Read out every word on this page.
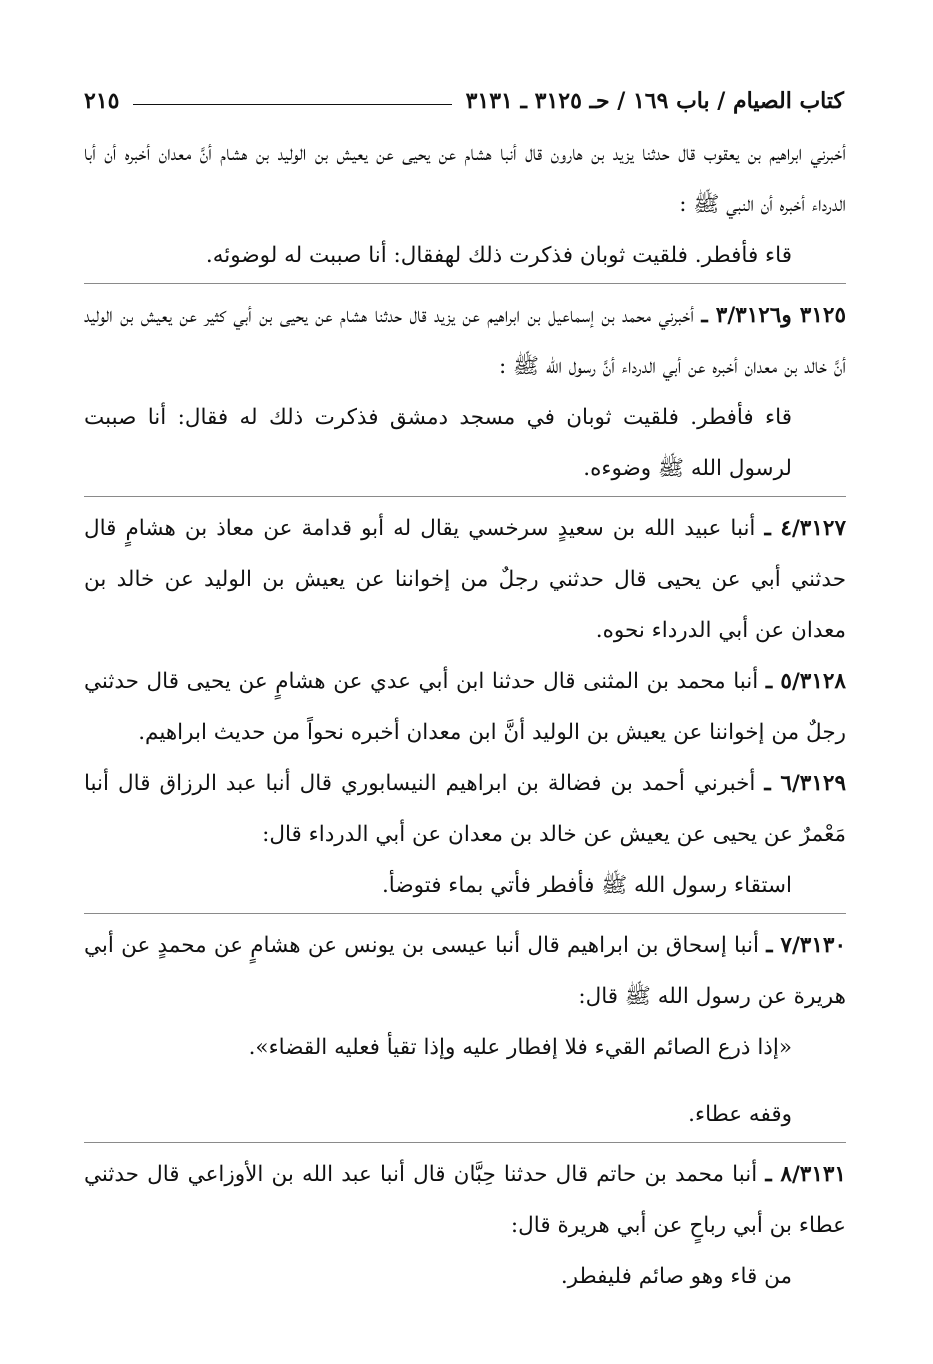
كتاب الصيام / باب ١٦٩ / حـ ٣١٢٥ ـ ٣١٣١
٢١٥

أخبرني ابراهيم بن يعقوب قال حدثنا يزيد بن هارون قال أنبا هشام عن يحيى عن يعيش بن الوليد بن هشام أنَّ معدان أخبره أن أبا الدرداء أخبره أن النبي ﷺ :

قاء فأفطر. فلقيت ثوبان فذكرت ذلك لهفقال: أنا صببت له لوضوئه.

٣١٢٥ و٣/٣١٢٦ ـ أخبرني محمد بن إسماعيل بن ابراهيم عن يزيد قال حدثنا هشام عن يحيى بن أبي كثير عن يعيش بن الوليد أنَّ خالد بن معدان أخبره عن أبي الدرداء أنَّ رسول الله ﷺ :

قاء فأفطر. فلقيت ثوبان في مسجد دمشق فذكرت ذلك له فقال: أنا صببت لرسول الله ﷺ وضوءه.

٤/٣١٢٧ ـ أنبا عبيد الله بن سعيدٍ سرخسي يقال له أبو قدامة عن معاذ بن هشامٍ قال حدثني أبي عن يحيى قال حدثني رجلٌ من إخواننا عن يعيش بن الوليد عن خالد بن معدان عن أبي الدرداء نحوه.

٥/٣١٢٨ ـ أنبا محمد بن المثنى قال حدثنا ابن أبي عدي عن هشامٍ عن يحيى قال حدثني رجلٌ من إخواننا عن يعيش بن الوليد أنَّ ابن معدان أخبره نحواً من حديث ابراهيم.

٦/٣١٢٩ ـ أخبرني أحمد بن فضالة بن ابراهيم النيسابوري قال أنبا عبد الرزاق قال أنبا مَعْمرٌ عن يحيى عن يعيش عن خالد بن معدان عن أبي الدرداء قال:

استقاء رسول الله ﷺ فأفطر فأتي بماء فتوضأ.

٧/٣١٣٠ ـ أنبا إسحاق بن ابراهيم قال أنبا عيسى بن يونس عن هشامٍ عن محمدٍ عن أبي هريرة عن رسول الله ﷺ قال:

«إذا ذرع الصائم القيء فلا إفطار عليه وإذا تقيأ فعليه القضاء».

وقفه عطاء.

٨/٣١٣١ ـ أنبا محمد بن حاتم قال حدثنا حِبَّان قال أنبا عبد الله بن الأوزاعي قال حدثني عطاء بن أبي رباحٍ عن أبي هريرة قال:

من قاء وهو صائم فليفطر.
